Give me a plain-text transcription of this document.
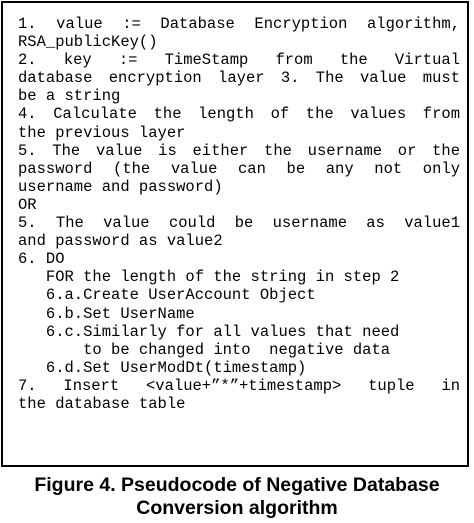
1. value := Database Encryption algorithm,
RSA_publicKey()
2. key := TimeStamp from the Virtual
database encryption layer 3. The value must
be a string
4. Calculate the length of the values from
the previous layer
5. The value is either the username or the
password (the value can be any not only
username and password)
OR
5. The value could be username as value1
and password as value2
6. DO
FOR the length of the string in step 2
6.a.Create UserAccount Object
6.b.Set UserName
6.c.Similarly for all values that need
to be changed into  negative data
6.d.Set UserModDt(timestamp)
7. Insert <value+”*”+timestamp> tuple in
the database table
Figure 4. Pseudocode of Negative Database
Conversion algorithm
